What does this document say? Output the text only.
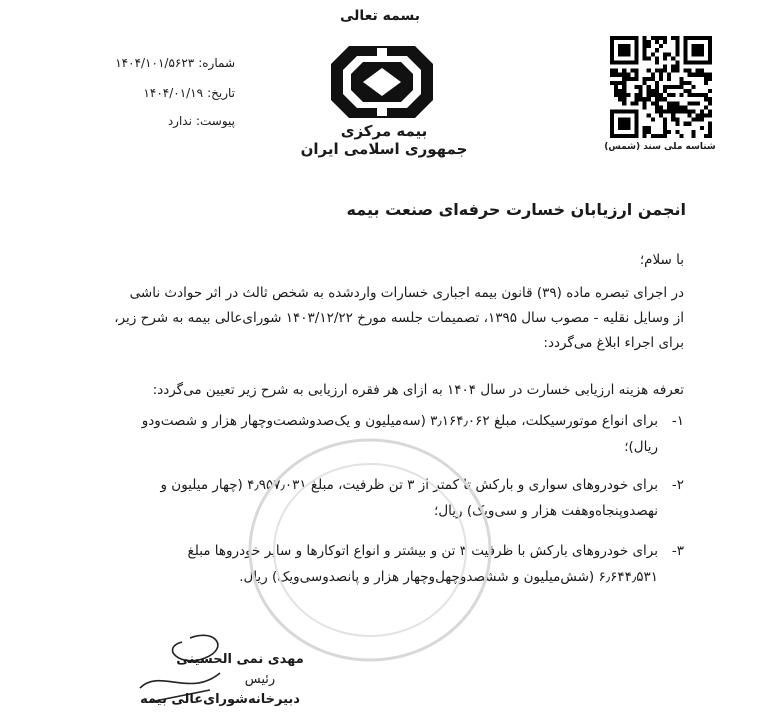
بسمه تعالی
شماره:۱۴۰۴/۱۰۱/۵۶۲۳
تاریخ:۱۴۰۴/۰۱/۱۹
پیوست:ندارد
بیمه مرکزی
جمهوری اسلامی ایران	شناسه ملی سند (شمس)
انجمن ارزیابان خسارت حرفه‌ای صنعت بیمه
با سلام؛
در اجرای تبصره ماده (۳۹) قانون بیمه اجباری خسارات واردشده به شخص ثالث در اثر حوادث ناشی
از وسایل نقلیه - مصوب سال ۱۳۹۵، تصمیمات جلسه مورخ ۱۴۰۳/۱۲/۲۲ شورای‌عالی بیمه به شرح زیر،
برای اجراء ابلاغ می‌گردد:
تعرفه هزینه ارزیابی خسارت در سال ۱۴۰۴ به ازای هر فقره ارزیابی به شرح زیر تعیین می‌گردد:
۱-برای انواع موتورسیکلت، مبلغ ۳٫۱۶۴٫۰۶۲ (سه‌میلیون و یک‌صدوشصت‌وچهار هزار و شصت‌ودو
ریال)؛
۲-برای خودروهای سواری و بارکش تا کمتر از ۳ تن ظرفیت، مبلغ ۴٫۹۵۷٫۰۳۱ (چهار میلیون و
نهصدوپنجاه‌وهفت هزار و سی‌ویک) ریال؛
۳-برای خودروهای بارکش با ظرفیت ۳ تن و بیشتر و انواع اتوکارها و سایر خودروها مبلغ
۶٫۶۴۴٫۵۳۱ (شش‌میلیون و ششصدوچهل‌وچهار هزار و پانصدوسی‌ویک) ریال.
مهدی نمی الحسینی
رئیس
دبیرخانه‌شورای‌عالی بیمه
